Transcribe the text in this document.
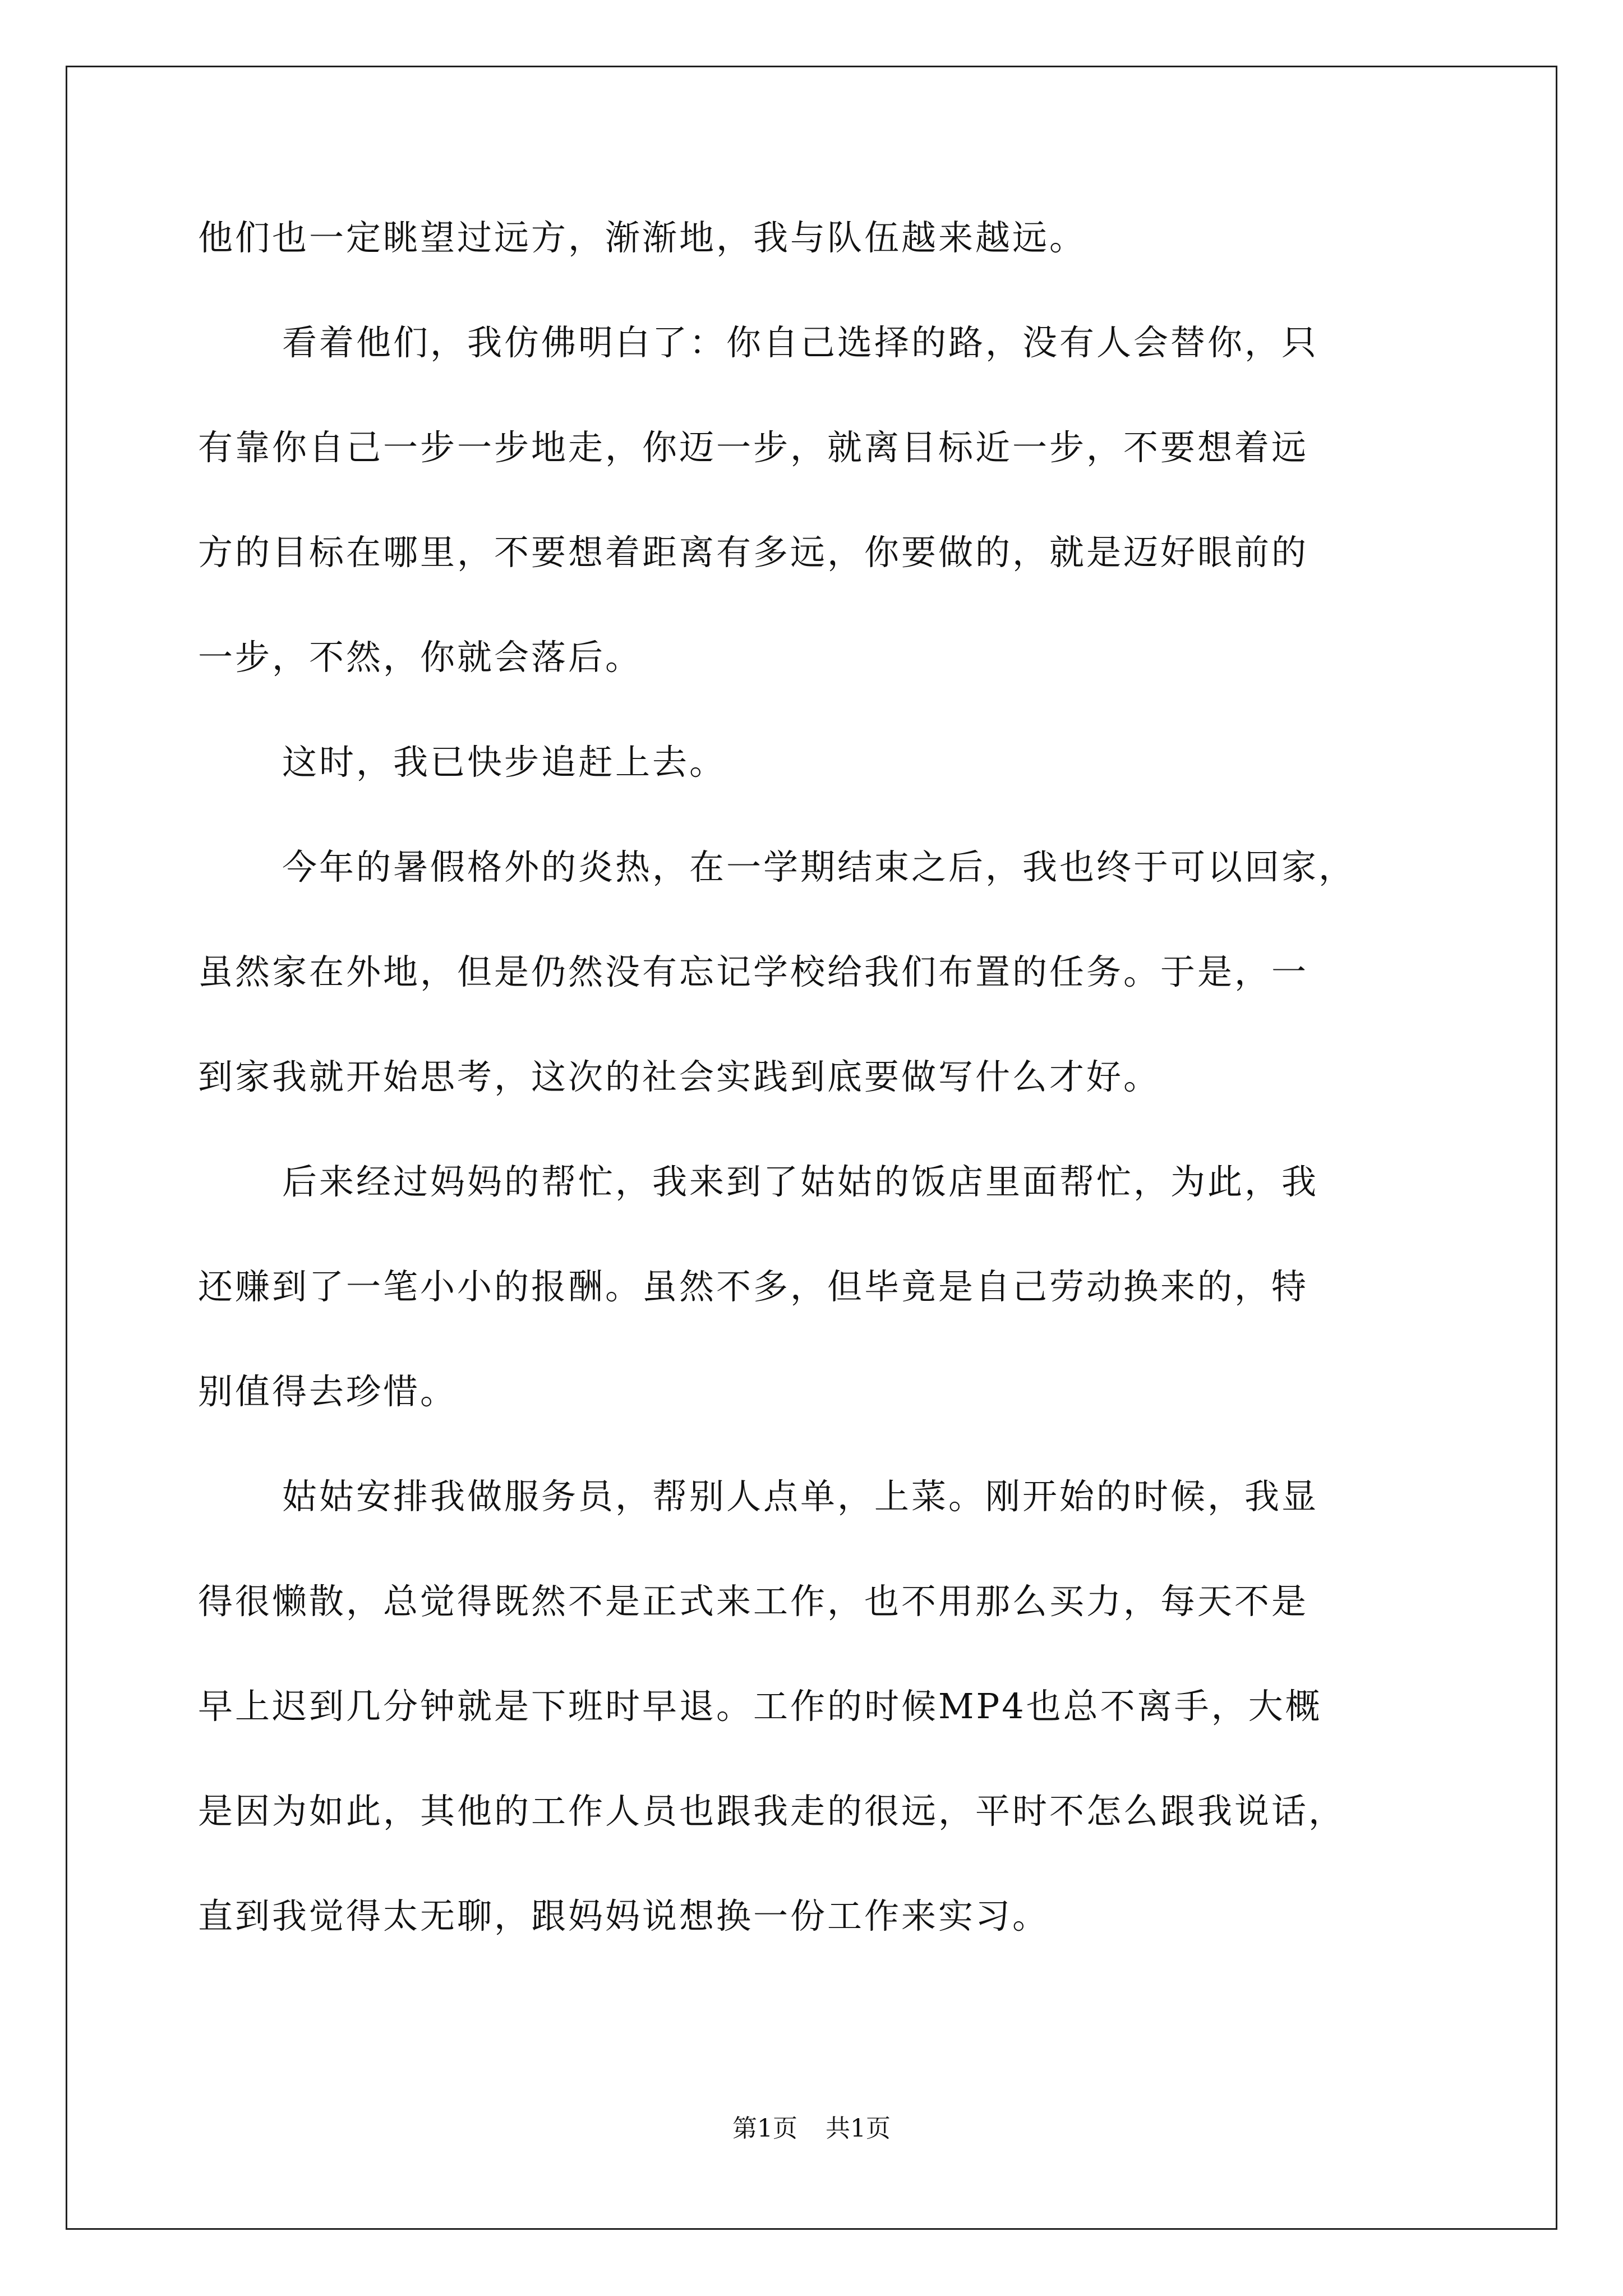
他们也一定眺望过远方，渐渐地，我与队伍越来越远。
看着他们，我仿佛明白了：你自己选择的路，没有人会替你，只
有靠你自己一步一步地走，你迈一步，就离目标近一步，不要想着远
方的目标在哪里，不要想着距离有多远，你要做的，就是迈好眼前的
一步，不然，你就会落后。
这时，我已快步追赶上去。
今年的暑假格外的炎热，在一学期结束之后，我也终于可以回家，
虽然家在外地，但是仍然没有忘记学校给我们布置的任务。于是，一
到家我就开始思考，这次的社会实践到底要做写什么才好。
后来经过妈妈的帮忙，我来到了姑姑的饭店里面帮忙，为此，我
还赚到了一笔小小的报酬。虽然不多，但毕竟是自己劳动换来的，特
别值得去珍惜。
姑姑安排我做服务员，帮别人点单，上菜。刚开始的时候，我显
得很懒散，总觉得既然不是正式来工作，也不用那么买力，每天不是
早上迟到几分钟就是下班时早退。工作的时候MP4也总不离手，大概
是因为如此，其他的工作人员也跟我走的很远，平时不怎么跟我说话，
直到我觉得太无聊，跟妈妈说想换一份工作来实习。
第1页 共1页
